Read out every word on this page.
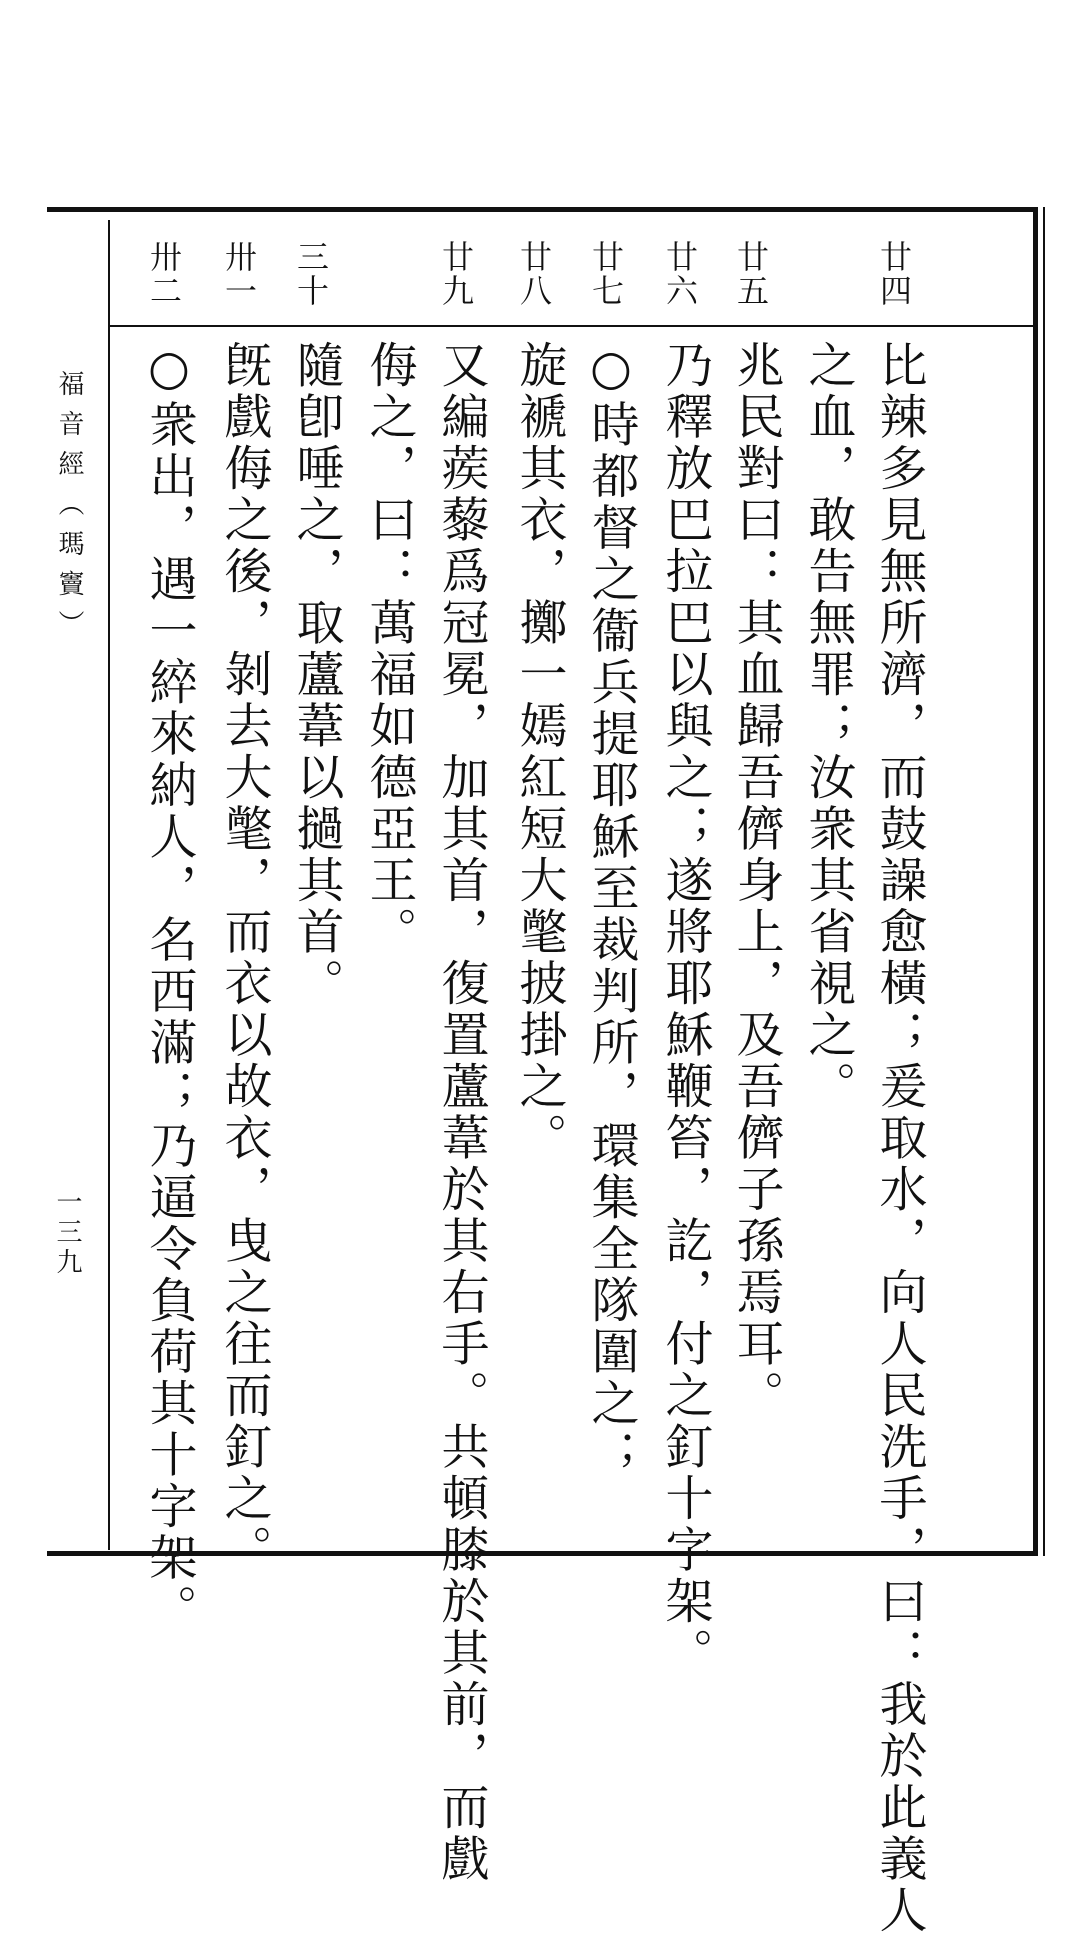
福音經（瑪竇）
一三九
廿四
廿五
廿六
廿七
廿八
廿九
三十
卅一
卅二
比辣多見無所濟，而鼓譟愈橫；爰取水，向人民洗手，曰：我於此義人
之血，敢告無罪；汝衆其省視之。
兆民對曰：其血歸吾儕身上，及吾儕子孫焉耳。
乃釋放巴拉巴以與之；遂將耶穌鞭笞，訖，付之釘十字架。
○時都督之衞兵提耶穌至裁判所，環集全隊圍之；
旋褫其衣，擲一嫣紅短大氅披掛之。
又編蒺藜爲冠冕，加其首，復置蘆葦於其右手。共頓膝於其前，而戲
侮之，曰：萬福如德亞王。
隨卽唾之，取蘆葦以撾其首。
旣戲侮之後，剝去大氅，而衣以故衣，曳之往而釘之。
○衆出，遇一綷來納人，名西滿；乃逼令負荷其十字架。
